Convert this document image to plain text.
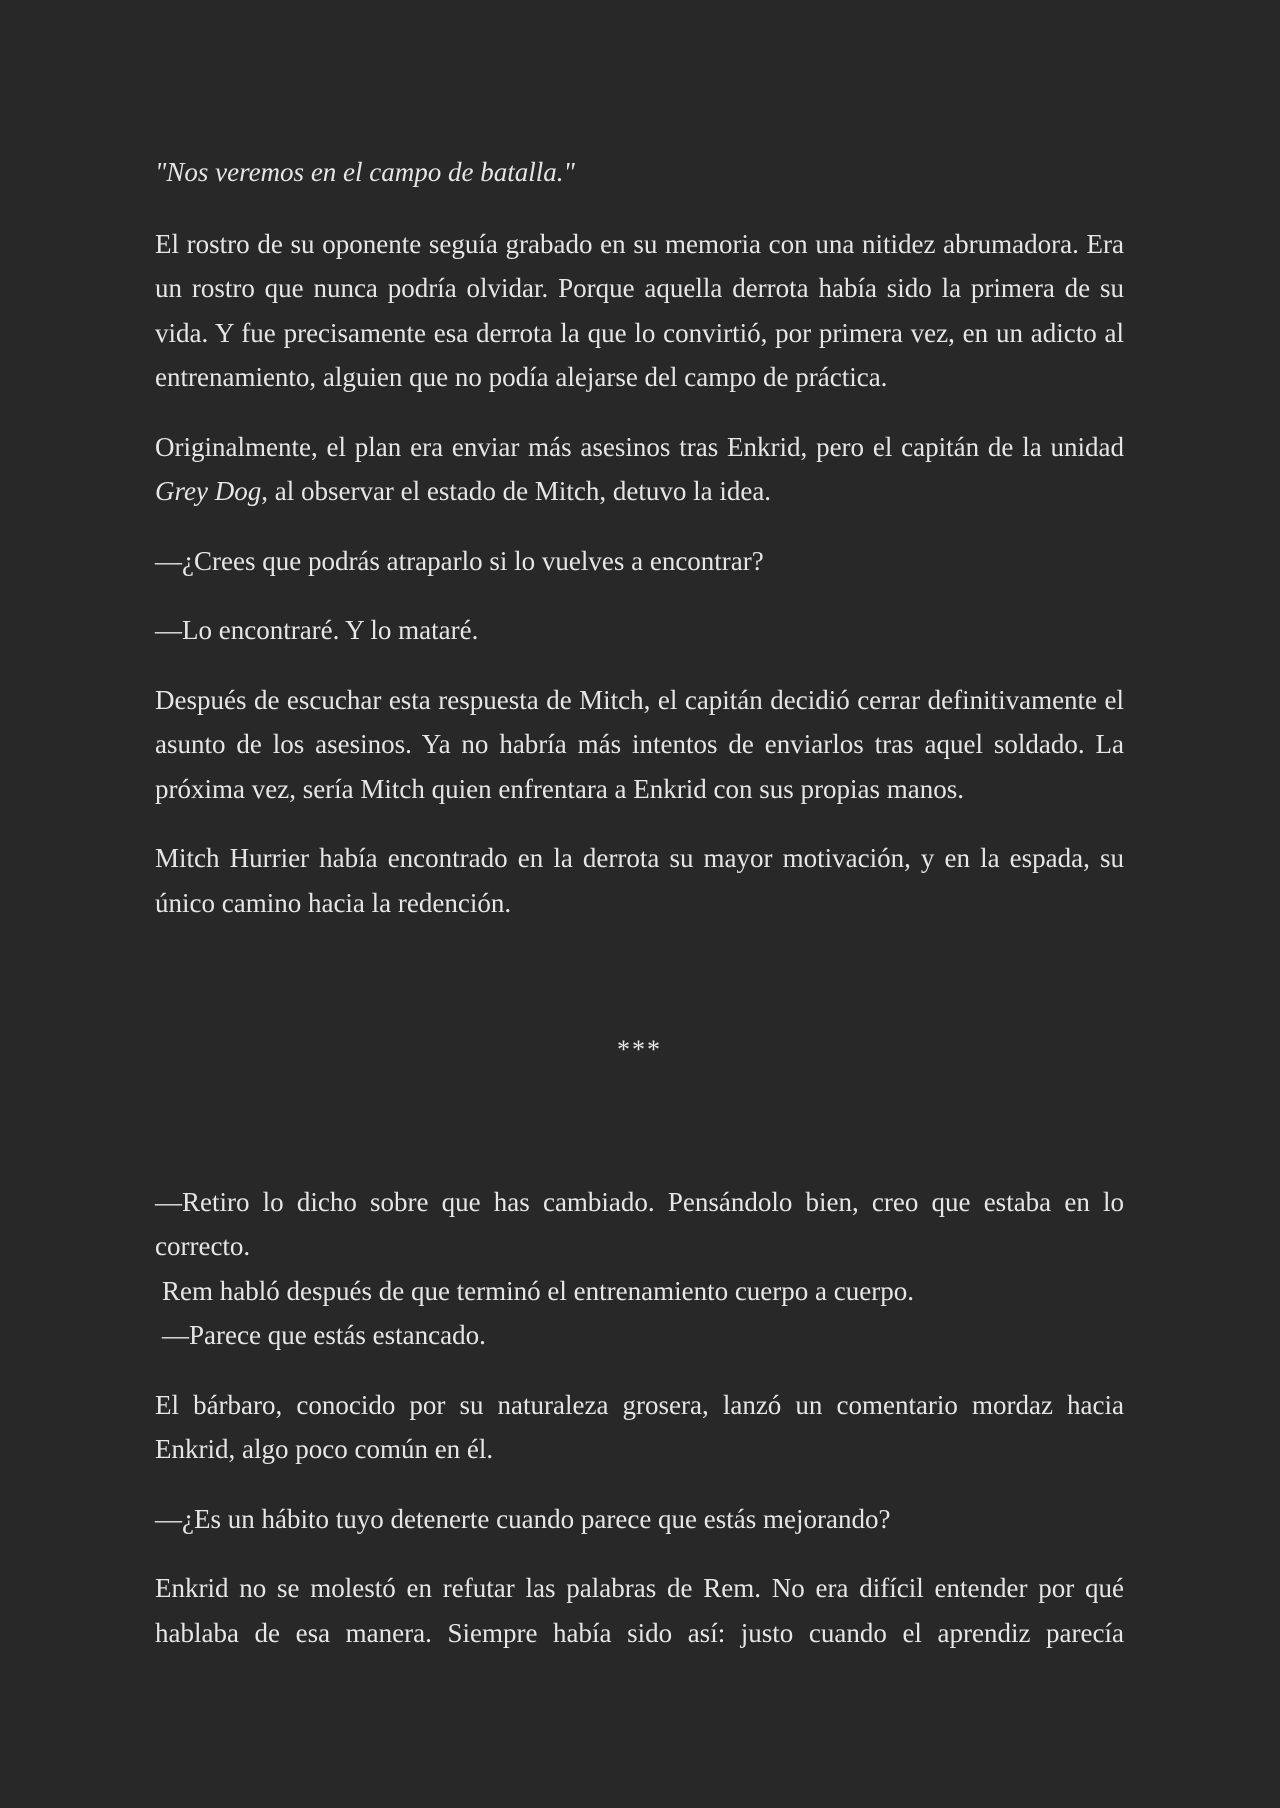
"Nos veremos en el campo de batalla."

El rostro de su oponente seguía grabado en su memoria con una nitidez abrumadora. Era un rostro que nunca podría olvidar. Porque aquella derrota había sido la primera de su vida. Y fue precisamente esa derrota la que lo convirtió, por primera vez, en un adicto al entrenamiento, alguien que no podía alejarse del campo de práctica.

Originalmente, el plan era enviar más asesinos tras Enkrid, pero el capitán de la unidad Grey Dog, al observar el estado de Mitch, detuvo la idea.

—¿Crees que podrás atraparlo si lo vuelves a encontrar?

—Lo encontraré. Y lo mataré.

Después de escuchar esta respuesta de Mitch, el capitán decidió cerrar definitivamente el asunto de los asesinos. Ya no habría más intentos de enviarlos tras aquel soldado. La próxima vez, sería Mitch quien enfrentara a Enkrid con sus propias manos.

Mitch Hurrier había encontrado en la derrota su mayor motivación, y en la espada, su único camino hacia la redención.

***

—Retiro lo dicho sobre que has cambiado. Pensándolo bien, creo que estaba en lo correcto.

Rem habló después de que terminó el entrenamiento cuerpo a cuerpo.

—Parece que estás estancado.

El bárbaro, conocido por su naturaleza grosera, lanzó un comentario mordaz hacia Enkrid, algo poco común en él.

—¿Es un hábito tuyo detenerte cuando parece que estás mejorando?

Enkrid no se molestó en refutar las palabras de Rem. No era difícil entender por qué hablaba de esa manera. Siempre había sido así: justo cuando el aprendiz parecía
